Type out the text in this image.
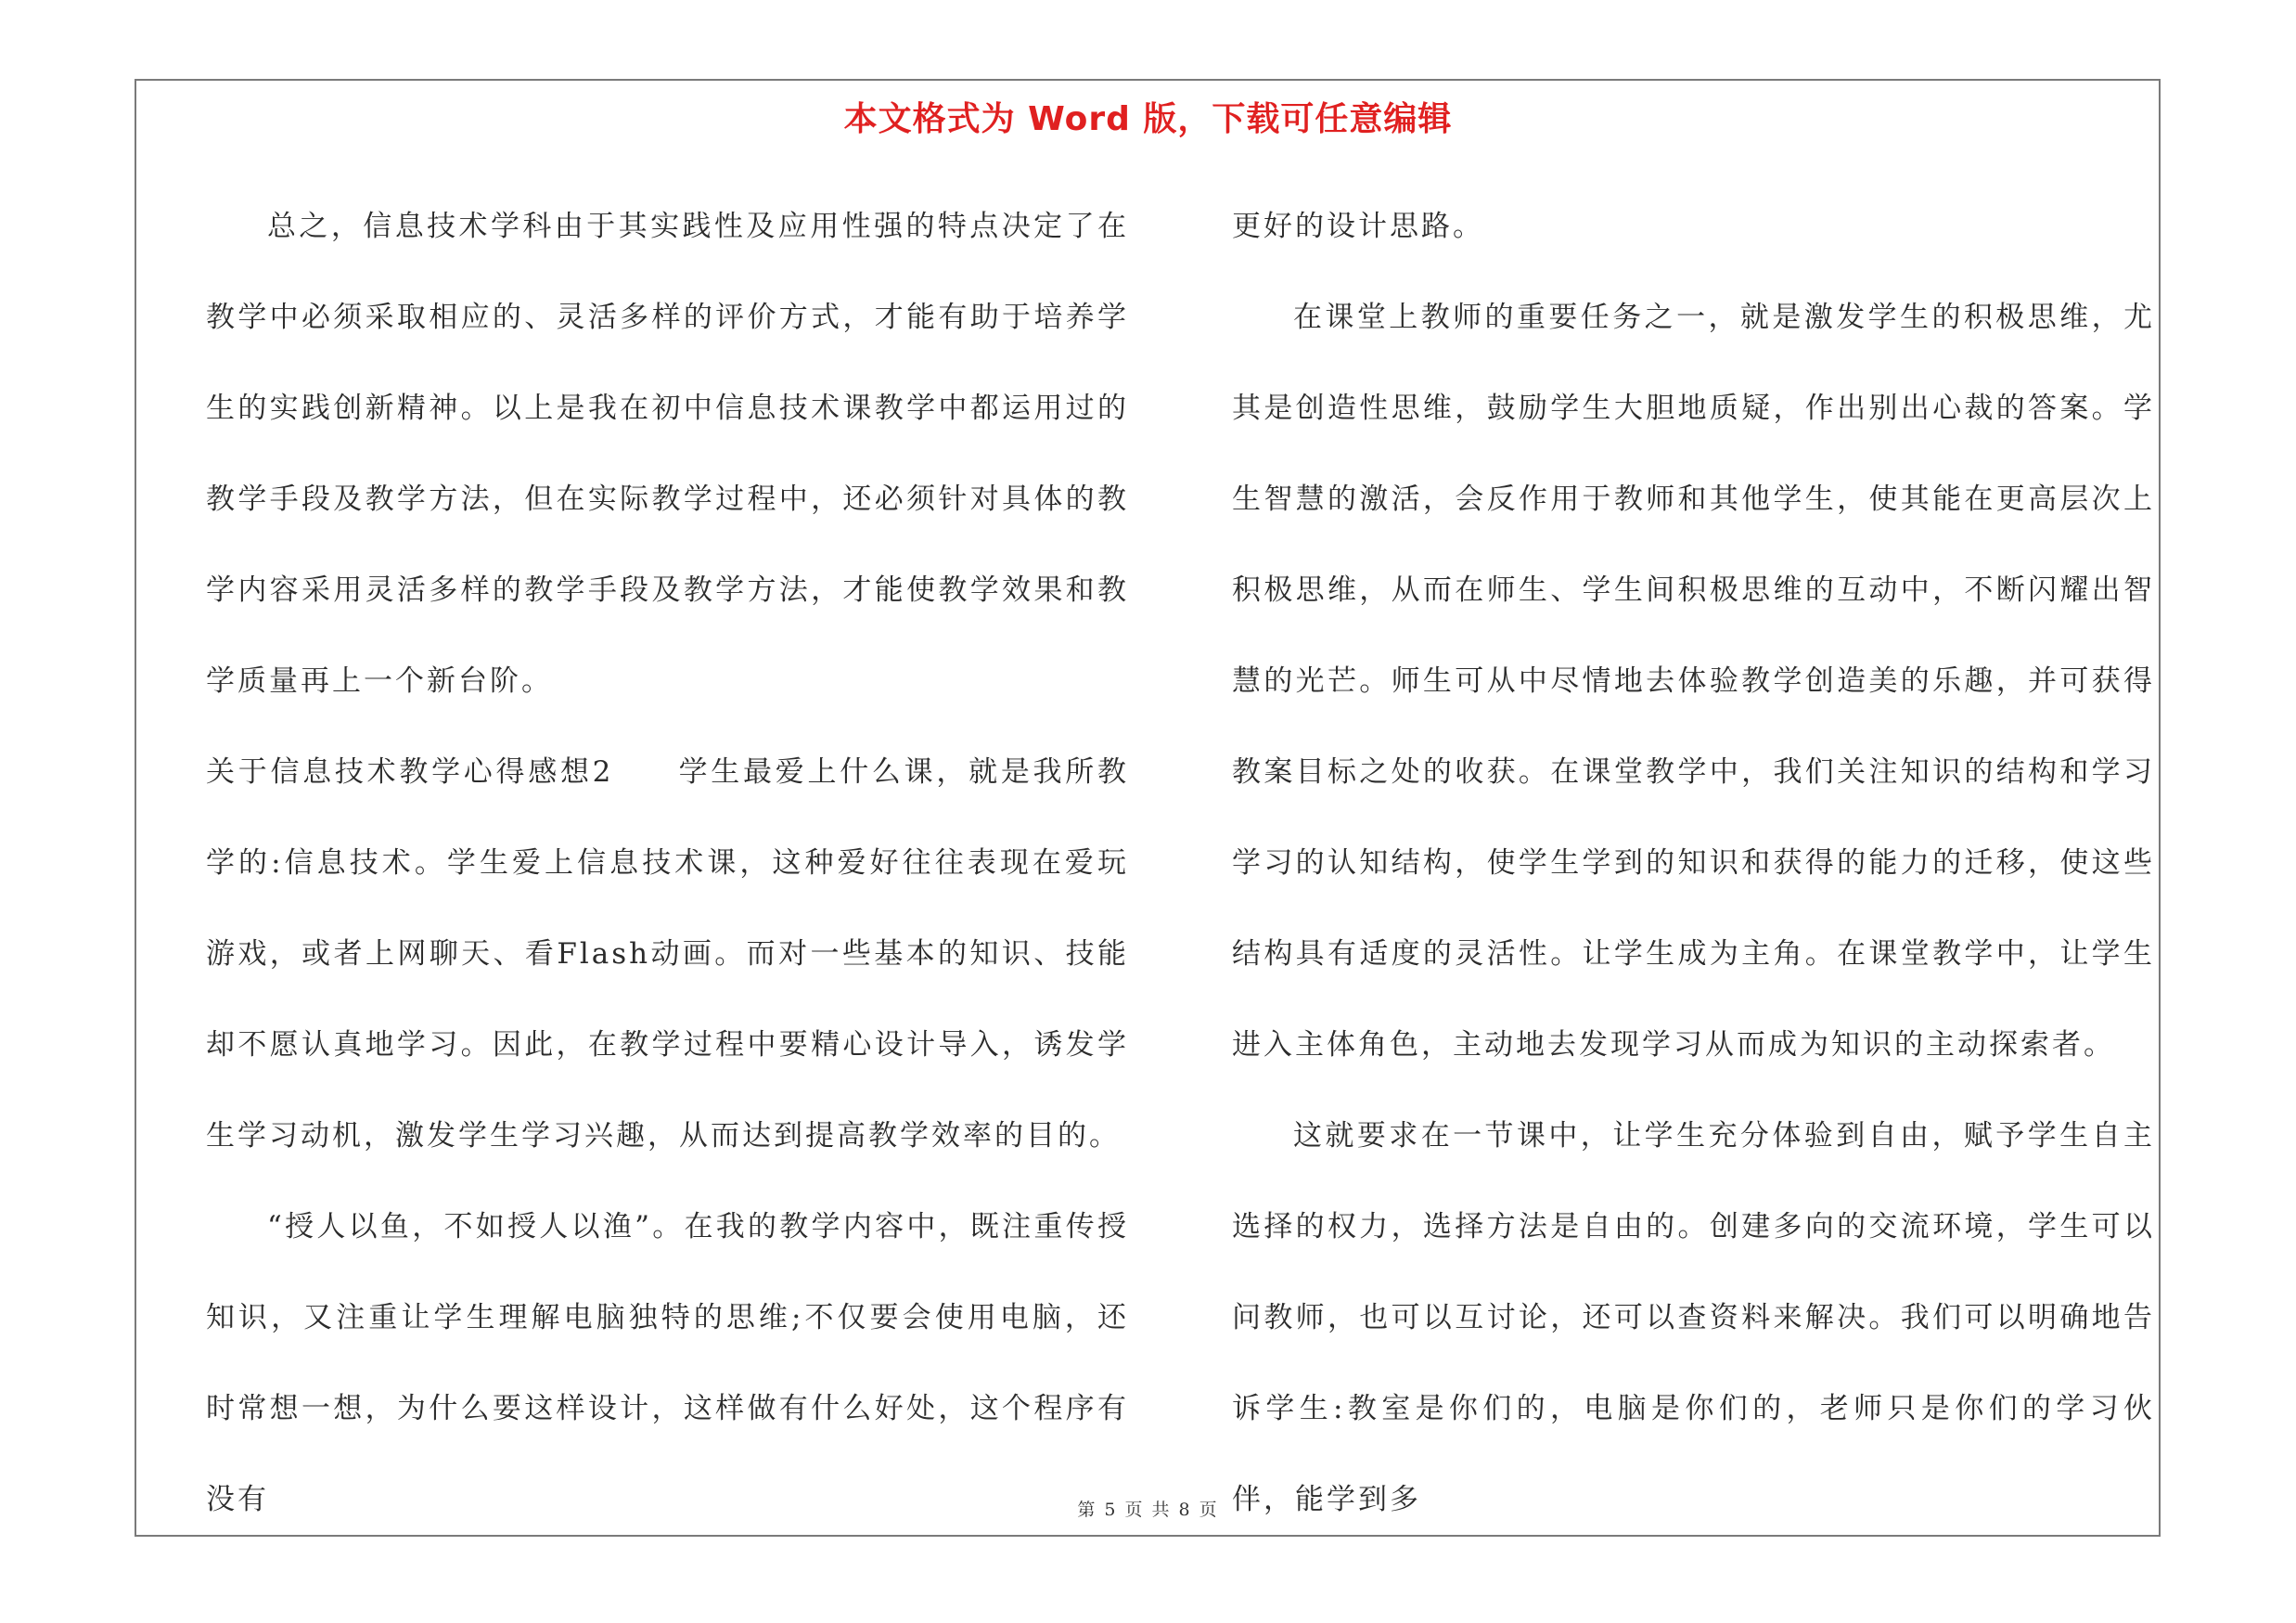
本文格式为 Word 版，下载可任意编辑

总之，信息技术学科由于其实践性及应用性强的特点决定了在教学中必须采取相应的、灵活多样的评价方式，才能有助于培养学生的实践创新精神。以上是我在初中信息技术课教学中都运用过的教学手段及教学方法，但在实际教学过程中，还必须针对具体的教学内容采用灵活多样的教学手段及教学方法，才能使教学效果和教学质量再上一个新台阶。

关于信息技术教学心得感想2　　学生最爱上什么课，就是我所教学的:信息技术。学生爱上信息技术课，这种爱好往往表现在爱玩游戏，或者上网聊天、看Flash动画。而对一些基本的知识、技能却不愿认真地学习。因此，在教学过程中要精心设计导入，诱发学生学习动机，激发学生学习兴趣，从而达到提高教学效率的目的。

“授人以鱼，不如授人以渔”。在我的教学内容中，既注重传授知识，又注重让学生理解电脑独特的思维;不仅要会使用电脑，还时常想一想，为什么要这样设计，这样做有什么好处，这个程序有没有

更好的设计思路。

在课堂上教师的重要任务之一，就是激发学生的积极思维，尤其是创造性思维，鼓励学生大胆地质疑，作出别出心裁的答案。学生智慧的激活，会反作用于教师和其他学生，使其能在更高层次上积极思维，从而在师生、学生间积极思维的互动中，不断闪耀出智慧的光芒。师生可从中尽情地去体验教学创造美的乐趣，并可获得教案目标之处的收获。在课堂教学中，我们关注知识的结构和学习学习的认知结构，使学生学到的知识和获得的能力的迁移，使这些结构具有适度的灵活性。让学生成为主角。在课堂教学中，让学生进入主体角色，主动地去发现学习从而成为知识的主动探索者。

这就要求在一节课中，让学生充分体验到自由，赋予学生自主选择的权力，选择方法是自由的。创建多向的交流环境，学生可以问教师，也可以互讨论，还可以查资料来解决。我们可以明确地告诉学生:教室是你们的，电脑是你们的，老师只是你们的学习伙伴，能学到多

第 5 页 共 8 页
